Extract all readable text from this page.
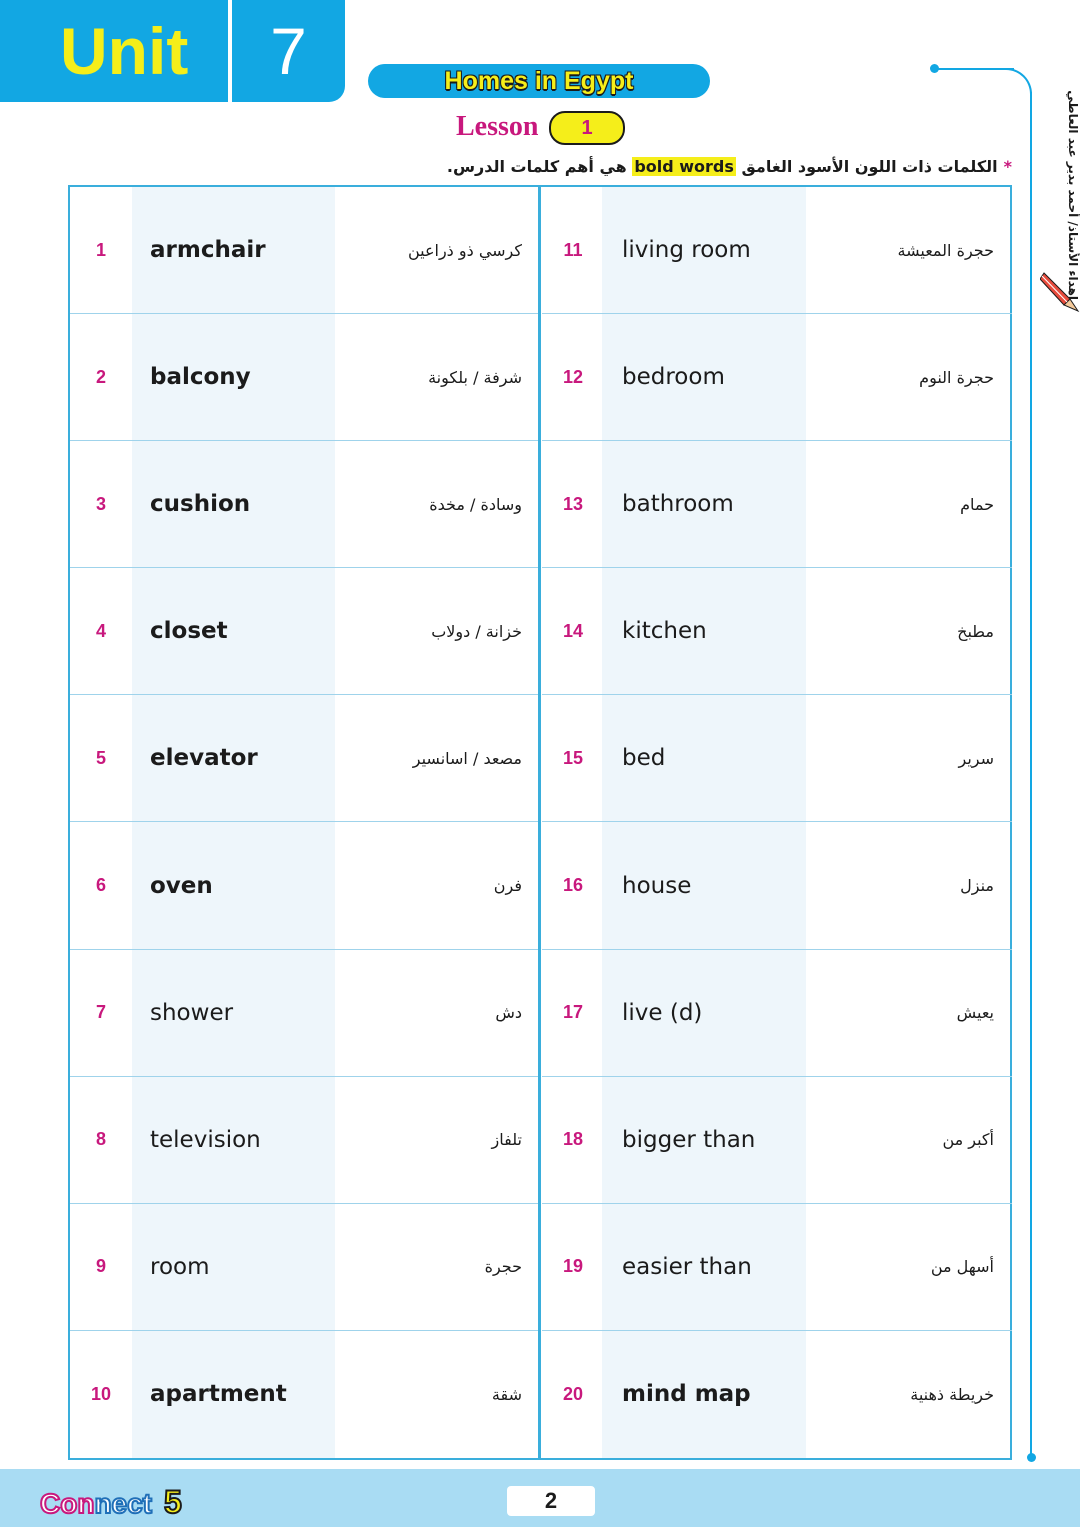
Unit	7	Homes in Egypt
Lesson	1
*الكلمات ذات اللون الأسود الغامق bold words هي أهم كلمات الدرس.	إهداء الأستاذ/ أحمد بدير عبد العاطي
1	armchair	كرسي ذو ذراعين
2	balcony	شرفة / بلكونة
3	cushion	وسادة / مخدة
4	closet	خزانة / دولاب
5	elevator	مصعد / اسانسير
6	oven	فرن
7	shower	دش
8	television	تلفاز
9	room	حجرة
10	apartment	شقة
11	living room	حجرة المعيشة
12	bedroom	حجرة النوم
13	bathroom	حمام
14	kitchen	مطبخ
15	bed	سرير
16	house	منزل
17	live (d)	يعيش
18	bigger than	أكبر من
19	easier than	أسهل من
20	mind map	خريطة ذهنية
Connect 5	2
